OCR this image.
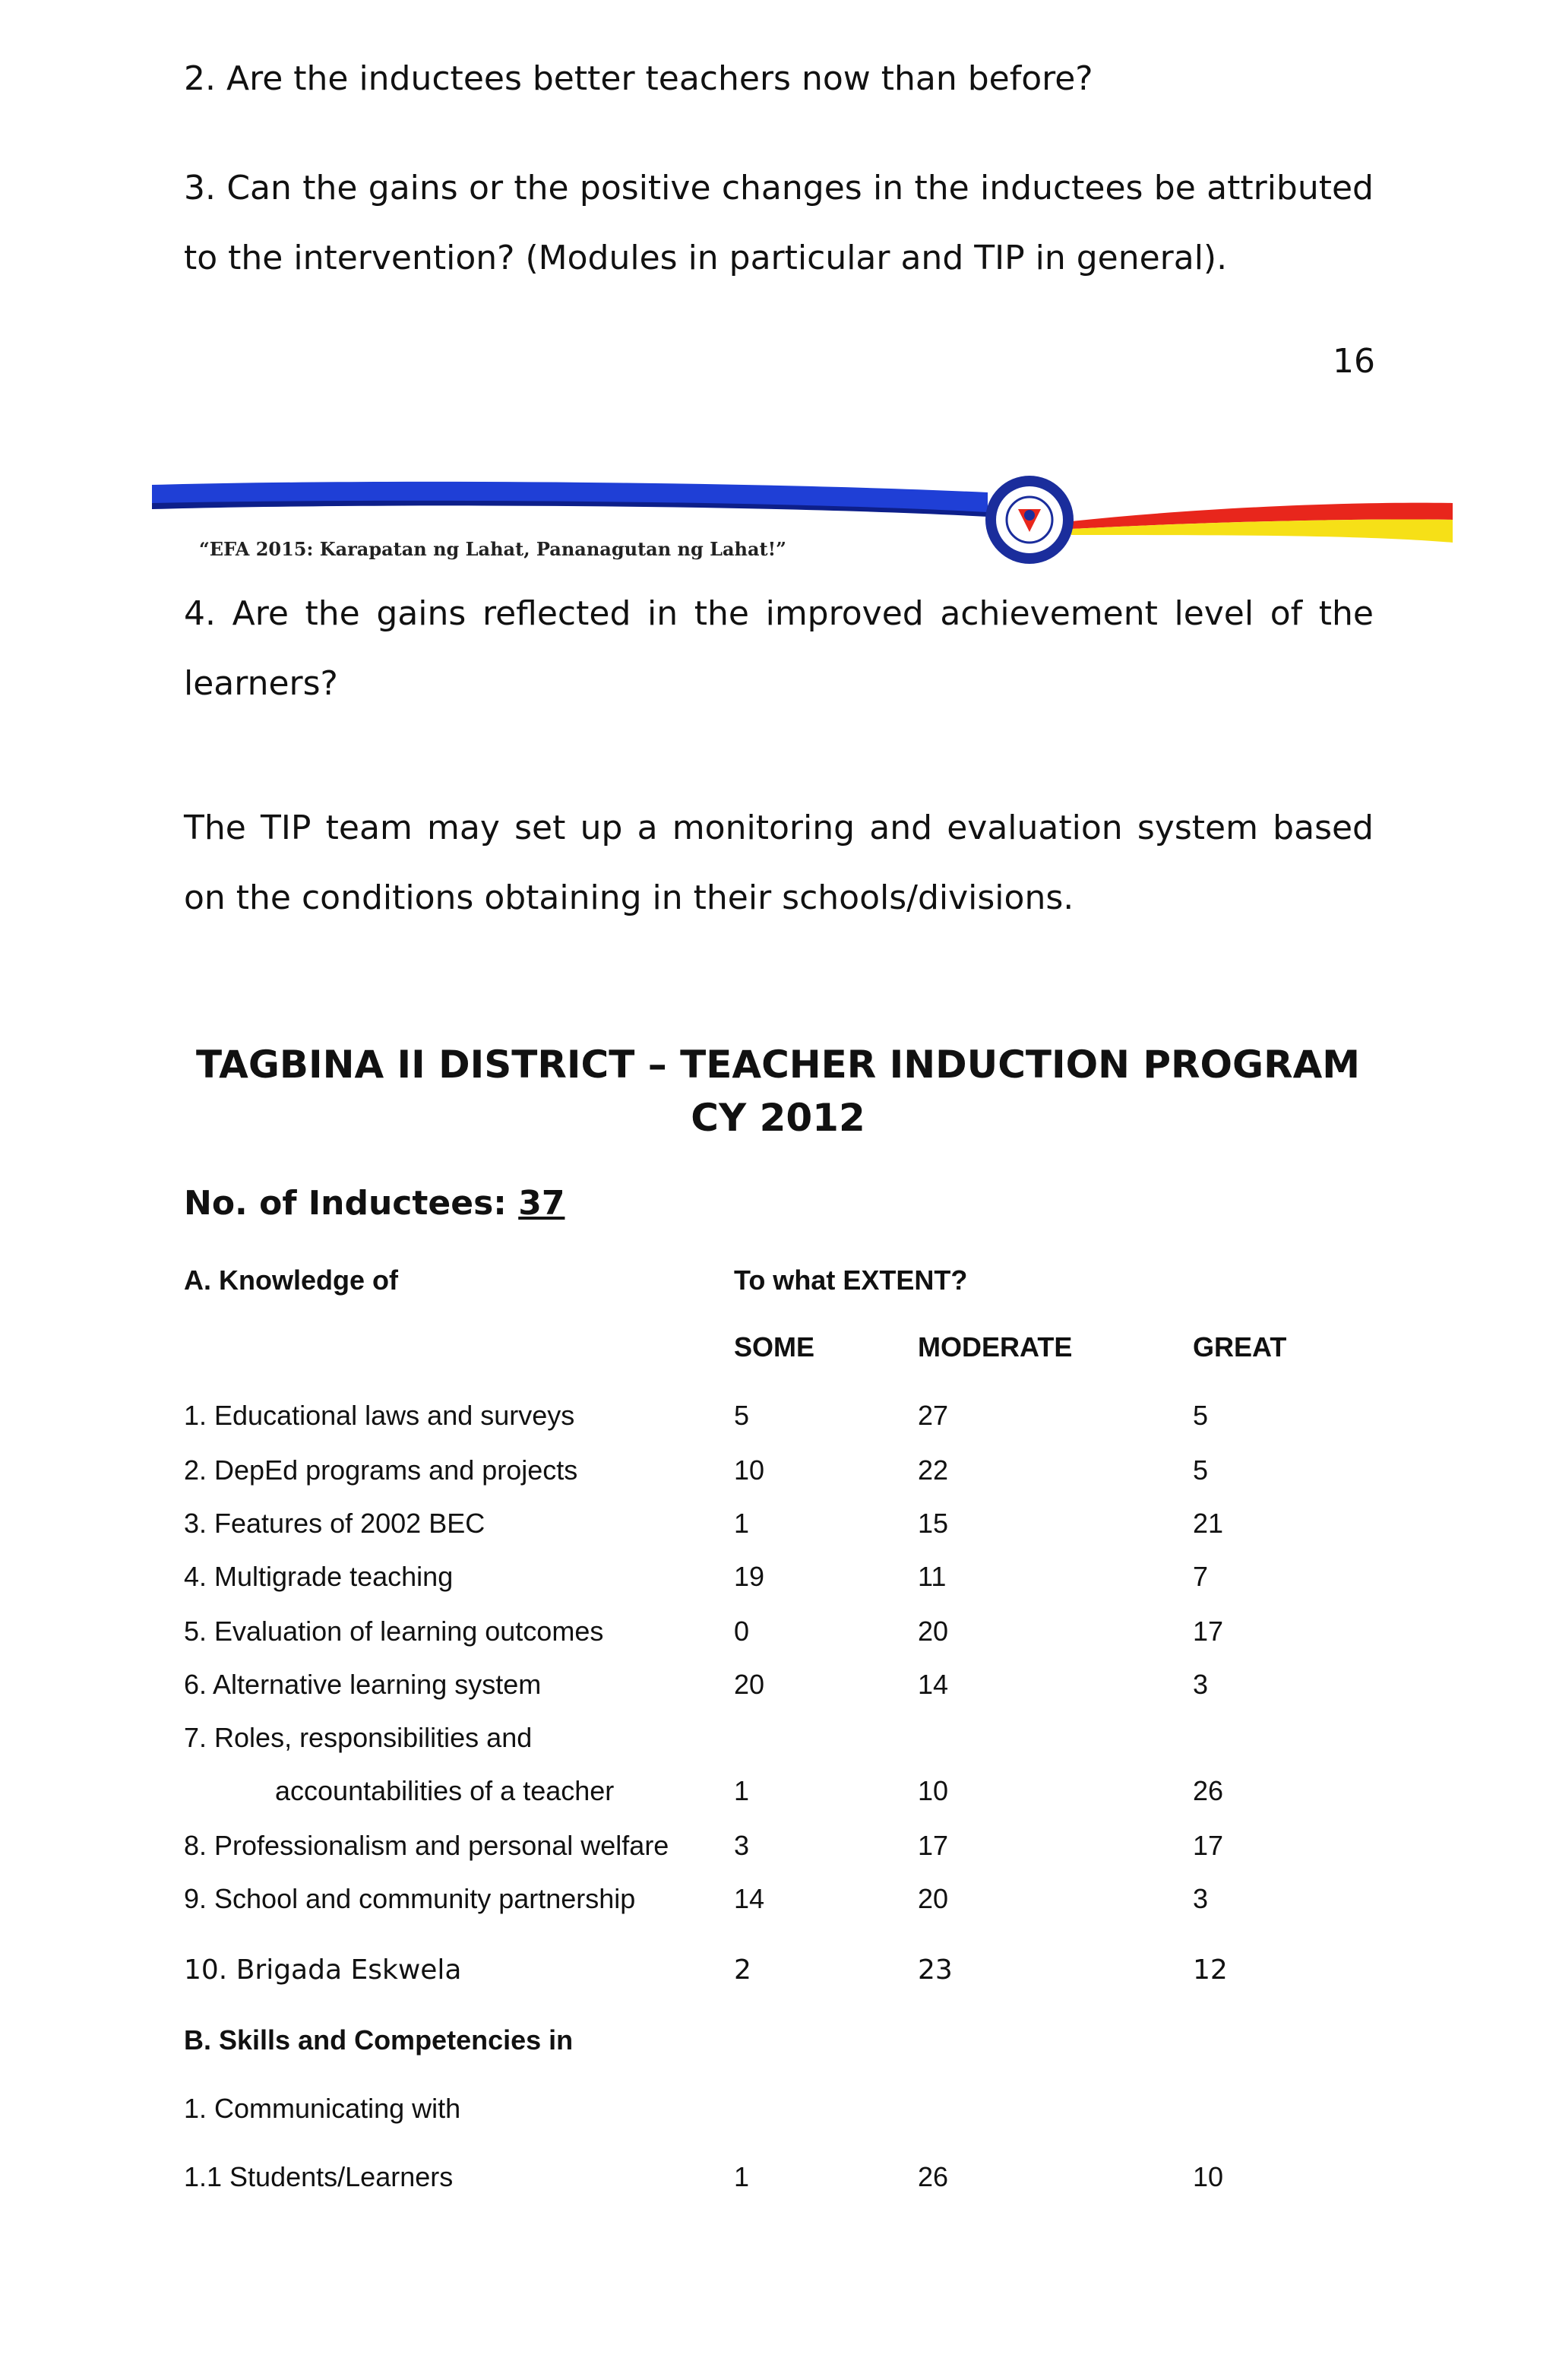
2. Are the inductees better teachers now than before?

3. Can the gains or the positive changes in the inductees be attributed to the intervention? (Modules in particular and TIP in general).

16
“EFA 2015: Karapatan ng Lahat, Pananagutan ng Lahat!”

4. Are the gains reflected in the improved achievement level of the learners?

The TIP team may set up a monitoring and evaluation system based on the conditions obtaining in their schools/divisions.

TAGBINA II DISTRICT – TEACHER INDUCTION PROGRAM
CY 2012
No. of Inductees: 37
A. Knowledge of	To what EXTENT?
SOME	MODERATE	GREAT
1. Educational laws and surveys	5	27	5
2. DepEd programs and projects	10	22	5
3. Features of 2002 BEC	1	15	21
4. Multigrade teaching	19	11	7
5. Evaluation of learning outcomes	0	20	17
6. Alternative learning system	20	14	3
7. Roles, responsibilities and
accountabilities of a teacher	1	10	26
8. Professionalism and personal welfare 3	17	17
9. School and community partnership	14	20	3
10. Brigada Eskwela	2	23	12
B. Skills and Competencies in
1. Communicating with
1.1 Students/Learners	1	26	10
